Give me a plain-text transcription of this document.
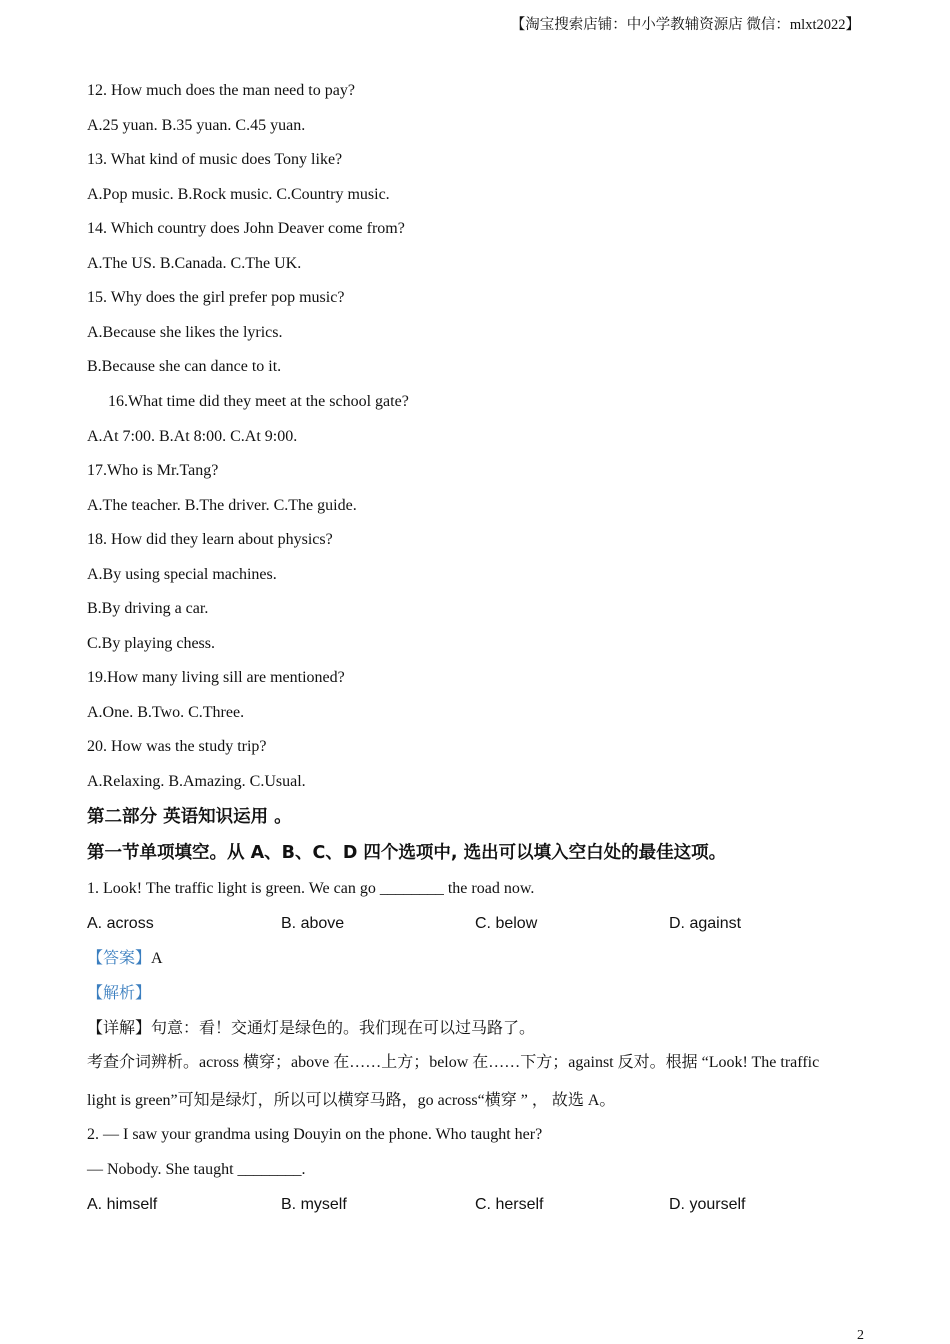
【淘宝搜索店铺：中小学教辅资源店 微信：mlxt2022】
12. How much does the man need to pay?
A.25 yuan. B.35 yuan. C.45 yuan.
13. What kind of music does Tony like?
A.Pop music. B.Rock music. C.Country music.
14. Which country does John Deaver come from?
A.The US. B.Canada. C.The UK.
15. Why does the girl prefer pop music?
A.Because she likes the lyrics.
B.Because she can dance to it.
16.What time did they meet at the school gate?
A.At 7:00. B.At 8:00. C.At 9:00.
17.Who is Mr.Tang?
A.The teacher. B.The driver. C.The guide.
18. How did they learn about physics?
A.By using special machines.
B.By driving a car.
C.By playing chess.
19.How many living sill are mentioned?
A.One. B.Two. C.Three.
20. How was the study trip?
A.Relaxing. B.Amazing. C.Usual.
第二部分 英语知识运用 。
第一节单项填空。从 A、B、C、D 四个选项中, 选出可以填入空白处的最佳这项。
1. Look! The traffic light is green. We can go ________ the road now.
A. across	B. above	C. below	D. against
【答案】A
【解析】
【详解】句意：看！交通灯是绿色的。我们现在可以过马路了。
考查介词辨析。across 横穿；above 在……上方；below 在……下方；against 反对。根据 “Look! The traffic
light is green”可知是绿灯，所以可以横穿马路，go across“横穿 ” ， 故选 A。
2. — I saw your grandma using Douyin on the phone. Who taught her?
— Nobody. She taught ________.
A. himself	B. myself	C. herself	D. yourself
2
